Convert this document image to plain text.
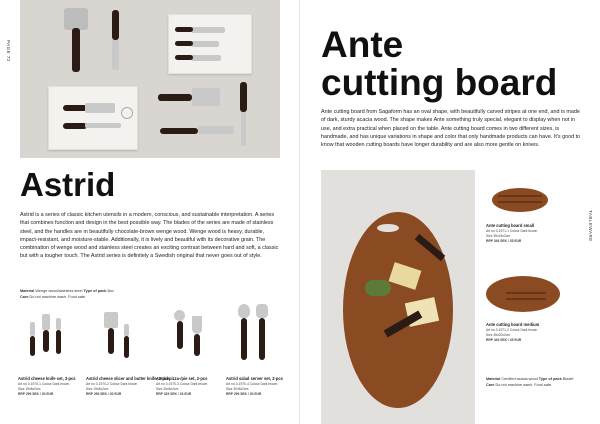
PAGE 72
Astrid
Astrid is a series of classic kitchen utensils in a modern, conscious, and sustainable interpretation. A series that combines function and design in the best possible way. The blades of the series are made of stainless steel, and the handles are in beautifully chocolate-brown wenge wood. Wenge wood is heavy, durable, impact-resistant, and moisture-stable. Additionally, it is lively and beautiful with its decorative grain. The combination of wenge wood and stainless steel creates an exciting contrast between hard and soft, a classic but with a tougher touch. The Astrid series is definitely a Swedish original that never goes out of style.
Material Wenge wood/stainless steel Type of pack Box
Care Do not machine wash. Food safe.
Astrid cheese knife set, 3-pcs
Art no 0-1970-1 Colour Dark brown
Size 19x8x2cm
RRP 299 SEK / 30 EUR
Astrid cheese slicer and butter knife, 2-pcs
Art no 0-1970-2 Colour Dark brown
Size 19x8x2cm
RRP 299 SEK / 30 EUR
Astrid pizza-/pie set, 2-pcs
Art no 0-1970-3 Colour Dark brown
Size 26x8x2cm
RRP 329 SEK / 33 EUR
Astrid salad server set, 2-pcs
Art no 0-1970-4 Colour Dark brown
Size 30x8x2cm
RRP 299 SEK / 30 EUR
TABLEWARE
Ante
cutting board
Ante cutting board from Sagaform has an oval shape, with beautifully carved stripes at one end, and is made of dark, sturdy acacia wood. The shape makes Ante something truly special, elegant to display when not in use, and extra practical when placed on the table. Ante cutting board comes in two different sizes, is handmade, and has unique variations in shape and color that only handmade products can have. It's good to know that wooden cutting boards have longer durability and are also more gentle on knives.
Ante cutting board small
Art no 0-1971-1 Colour Dark brown
Size 35x15x2cm
RRP 349 SEK / 35 EUR
Ante cutting board medium
Art no 0-1971-2 Colour Dark brown
Size 45x20x2cm
RRP 449 SEK / 45 EUR
Material Certified acacia wood Type of pack Bindel
Care Do not machine wash. Food safe.
